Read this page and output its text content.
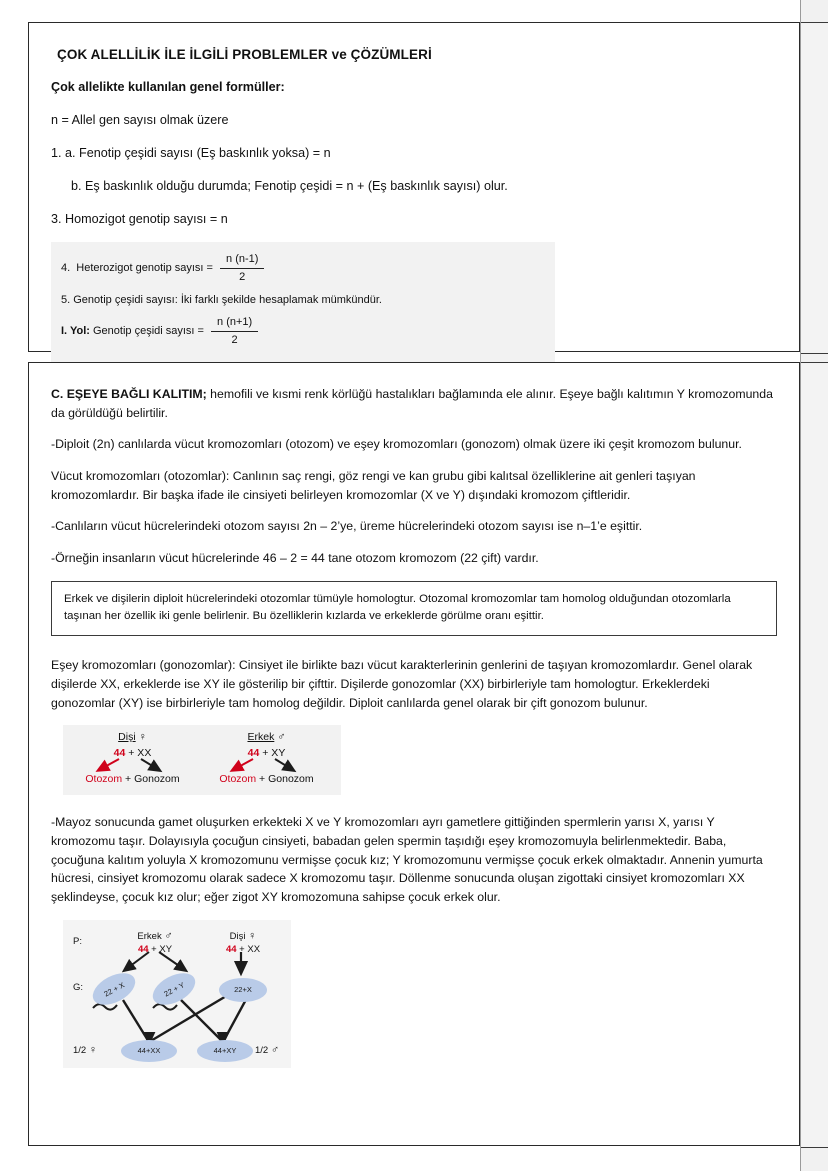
ÇOK ALELLİLİK İLE İLGİLİ PROBLEMLER ve ÇÖZÜMLERİ

Çok allelikte kullanılan genel formüller:

n = Allel gen sayısı olmak üzere

1. a. Fenotip çeşidi sayısı (Eş baskınlık yoksa) = n

b. Eş baskınlık olduğu durumda; Fenotip çeşidi = n + (Eş baskınlık sayısı) olur.

3. Homozigot genotip sayısı = n

4.  Heterozigot genotip sayısı = $\frac{n (n-1)}{2}$
5. Genotip çeşidi sayısı: İki farklı şekilde hesaplamak mümkündür.
I. Yol: Genotip çeşidi sayısı = $\frac{n (n+1)}{2}$

C. EŞEYE BAĞLI KALITIM; hemofili ve kısmi renk körlüğü hastalıkları bağlamında ele alınır. Eşeye bağlı kalıtımın Y kromozomunda da görüldüğü belirtilir.

-Diploit (2n) canlılarda vücut kromozomları (otozom) ve eşey kromozomları (gonozom) olmak üzere iki çeşit kromozom bulunur.

Vücut kromozomları (otozomlar): Canlının saç rengi, göz rengi ve kan grubu gibi kalıtsal özelliklerine ait genleri taşıyan kromozomlardır. Bir başka ifade ile cinsiyeti belirleyen kromozomlar (X ve Y) dışındaki kromozom çiftleridir.

-Canlıların vücut hücrelerindeki otozom sayısı 2n – 2’ye, üreme hücrelerindeki otozom sayısı ise n–1’e eşittir.

-Örneğin insanların vücut hücrelerinde 46 – 2 = 44 tane otozom kromozom (22 çift) vardır.

Erkek ve dişilerin diploit hücrelerindeki otozomlar tümüyle homologtur. Otozomal kromozomlar tam homolog olduğundan otozomlarla taşınan her özellik iki genle belirlenir. Bu özelliklerin kızlarda ve erkeklerde görülme oranı eşittir.

Eşey kromozomları (gonozomlar): Cinsiyet ile birlikte bazı vücut karakterlerinin genlerini de taşıyan kromozomlardır. Genel olarak dişilerde XX, erkeklerde ise XY ile gösterilip bir çifttir. Dişilerde gonozomlar (XX) birbirleriyle tam homologtur. Erkeklerdeki gonozomlar (XY) ise birbirleriyle tam homolog değildir. Diploit canlılarda genel olarak bir çift gonozom bulunur.

Dişi ♀
44 + XX
Otozom + Gonozom
Erkek ♂
44 + XY
Otozom + Gonozom

-Mayoz sonucunda gamet oluşurken erkekteki X ve Y kromozomları ayrı gametlere gittiğinden spermlerin yarısı X, yarısı Y kromozomu taşır. Dolayısıyla çocuğun cinsiyeti, babadan gelen spermin taşıdığı eşey kromozomuyla belirlenmektedir. Baba, çocuğuna kalıtım yoluyla X kromozomunu vermişse çocuk kız; Y kromozomunu vermişse çocuk erkek olmaktadır. Annenin yumurta hücresi, cinsiyet kromozomu olarak sadece X kromozomu taşır. Döllenme sonucunda oluşan zigottaki cinsiyet kromozomları XX şeklindeyse, çocuk kız olur; eğer zigot XY kromozomuna sahipse çocuk erkek olur.

P:
G:
Erkek ♂
44 + XY
Dişi ♀
44 + XX
22 + X	22 + Y	22+X
1/2 ♀	44+XX	44+XY	1/2 ♂
